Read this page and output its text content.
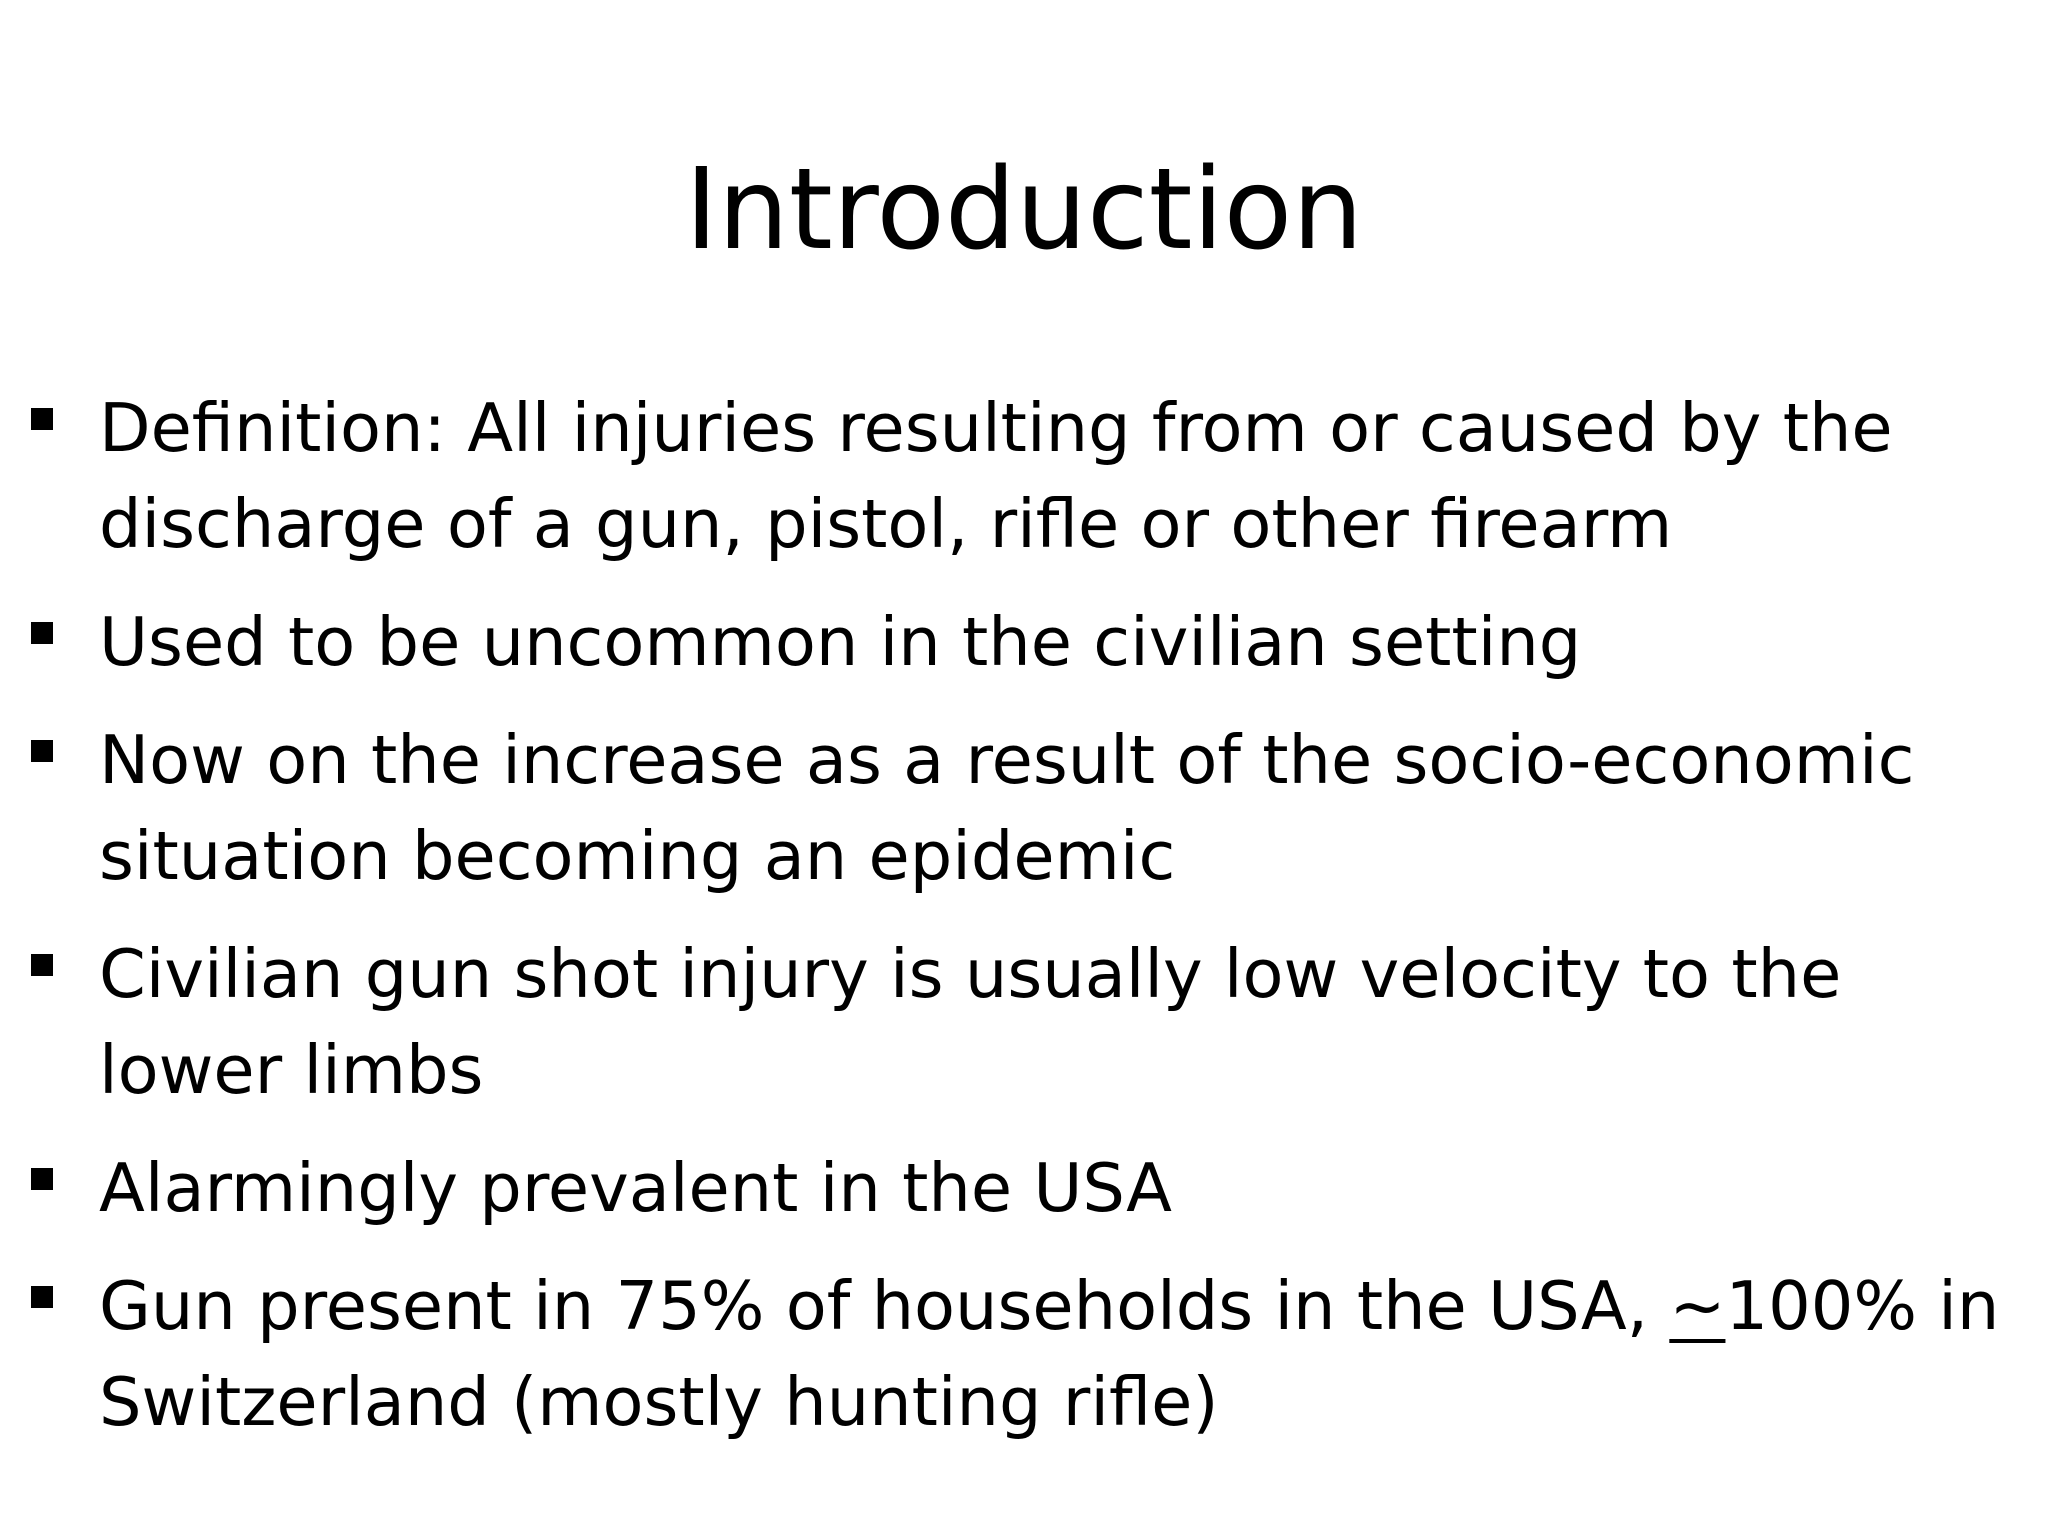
Introduction
Definition: All injuries resulting from or caused by the discharge of a gun, pistol, rifle or other firearm
Used to be uncommon in the civilian setting
Now on the increase as a result of the socio-economic situation becoming an epidemic
Civilian gun shot injury is usually low velocity to the lower limbs
Alarmingly prevalent in the USA
Gun present in 75% of households in the USA, ~100% in Switzerland (mostly hunting rifle)
